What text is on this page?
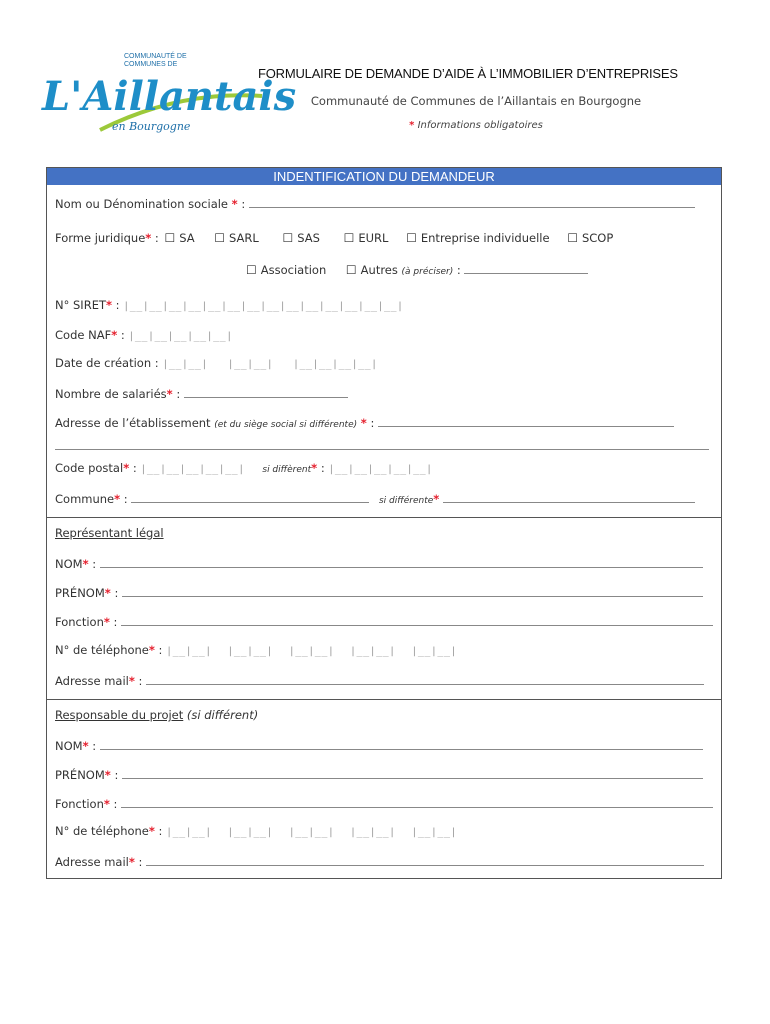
COMMUNAUTÉ DE
COMMUNES DE
L'Aillantais
en Bourgogne
FORMULAIRE DE DEMANDE D’AIDE À L’IMMOBILIER D’ENTREPRISES
Communauté de Communes de l’Aillantais en Bourgogne
* Informations obligatoires
INDENTIFICATION DU DEMANDEUR
Nom ou Dénomination sociale * :
Forme juridique* : ☐ SA ☐ SARL ☐ SAS ☐ EURL ☐ Entreprise individuelle ☐ SCOP
☐ Association ☐ Autres (à préciser) :
N° SIRET* : |__|__|__|__|__|__|__|__|__|__|__|__|__|__|
Code NAF* : |__|__|__|__|__|
Date de création : |__|__| |__|__| |__|__|__|__|
Nombre de salariés* :
Adresse de l’établissement (et du siège social si différente) * :
Code postal* : |__|__|__|__|__| si diffèrent* : |__|__|__|__|__|
Commune* :	si différente*
Représentant légal
NOM* :
PRÉNOM* :
Fonction* :
N° de téléphone* : |__|__| |__|__| |__|__| |__|__| |__|__|
Adresse mail* :
Responsable du projet (si différent)
NOM* :
PRÉNOM* :
Fonction* :
N° de téléphone* : |__|__| |__|__| |__|__| |__|__| |__|__|
Adresse mail* :
